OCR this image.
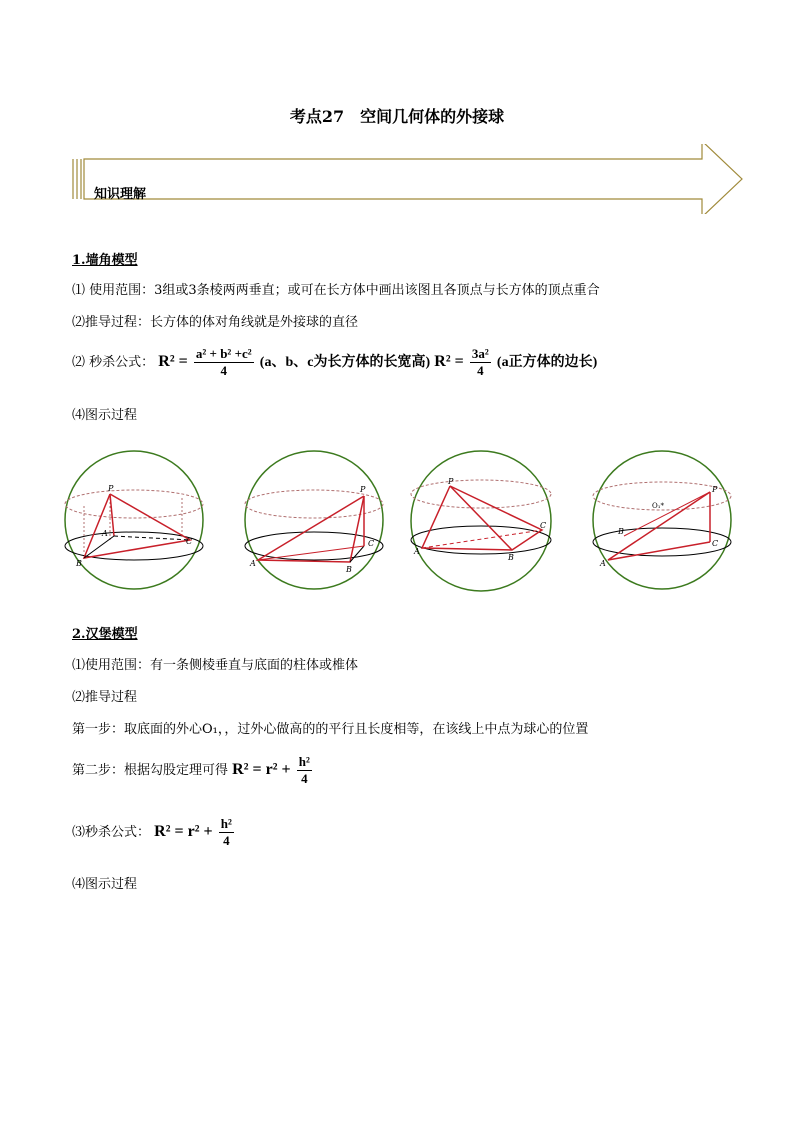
考点27　空间几何体的外接球
知识理解
1.墙角模型
⑴ 使用范围：3组或3条棱两两垂直；或可在长方体中画出该图且各顶点与长方体的顶点重合
⑵推导过程：长方体的体对角线就是外接球的直径
⑵ 秒杀公式： $R^2 = \frac{\text{a² + b² +c²}}{4} (a$、b、c为长方体的长宽高) $R^2 = \frac{\text{3a²}}{4} (a$正方体的边长)
⑷图示过程
P
A
B
C
P
A
B
C
P
A
B
C
P
A
B
C
O₁*
2.汉堡模型
⑴使用范围：有一条侧棱垂直与底面的柱体或椎体
⑵推导过程
第一步：取底面的外心O₁，，过外心做高的的平行且长度相等，在该线上中点为球心的位置
第二步：根据勾股定理可得 $R^2 = r^2 + \frac{\text{h²}}{4}$
⑶秒杀公式： $R^2 = r^2 + \frac{\text{h²}}{4}$
⑷图示过程
